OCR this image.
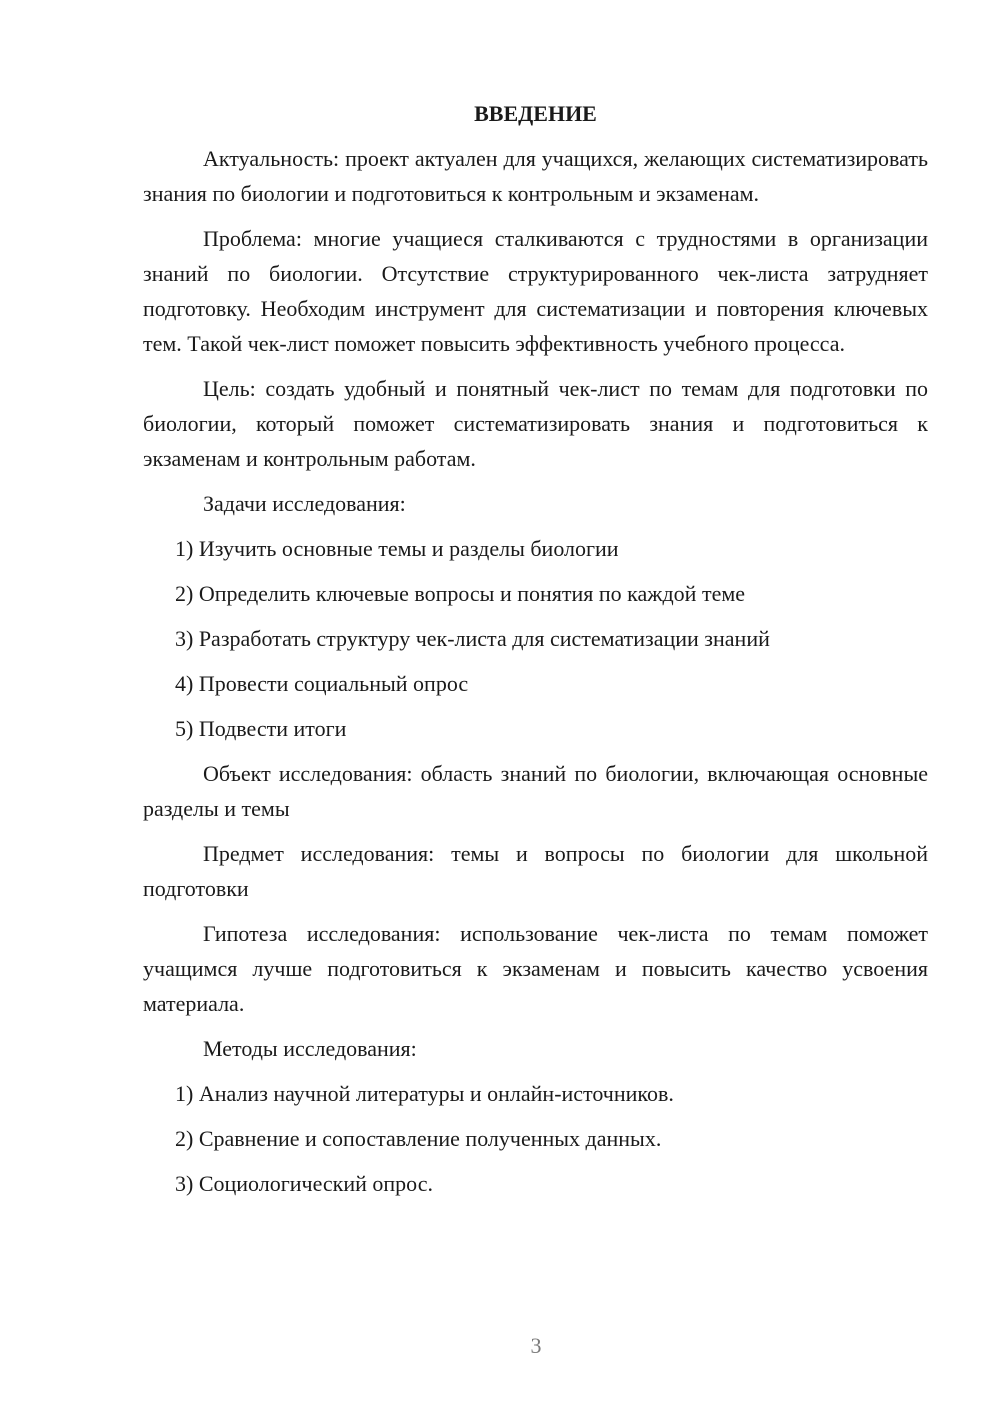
ВВЕДЕНИЕ

Актуальность: проект актуален для учащихся, желающих систематизировать знания по биологии и подготовиться к контрольным и экзаменам.

Проблема: многие учащиеся сталкиваются с трудностями в организации знаний по биологии. Отсутствие структурированного чек-листа затрудняет подготовку. Необходим инструмент для систематизации и повторения ключевых тем. Такой чек-лист поможет повысить эффективность учебного процесса.

Цель: создать удобный и понятный чек-лист по темам для подготовки по биологии, который поможет систематизировать знания и подготовиться к экзаменам и контрольным работам.

Задачи исследования:

1) Изучить основные темы и разделы биологии

2) Определить ключевые вопросы и понятия по каждой теме

3) Разработать структуру чек-листа для систематизации знаний

4) Провести социальный опрос

5) Подвести итоги

Объект исследования: область знаний по биологии, включающая основные разделы и темы

Предмет исследования: темы и вопросы по биологии для школьной подготовки

Гипотеза исследования: использование чек-листа по темам поможет учащимся лучше подготовиться к экзаменам и повысить качество усвоения материала.

Методы исследования:

1) Анализ научной литературы и онлайн-источников.

2) Сравнение и сопоставление полученных данных.

3) Социологический опрос.

3
